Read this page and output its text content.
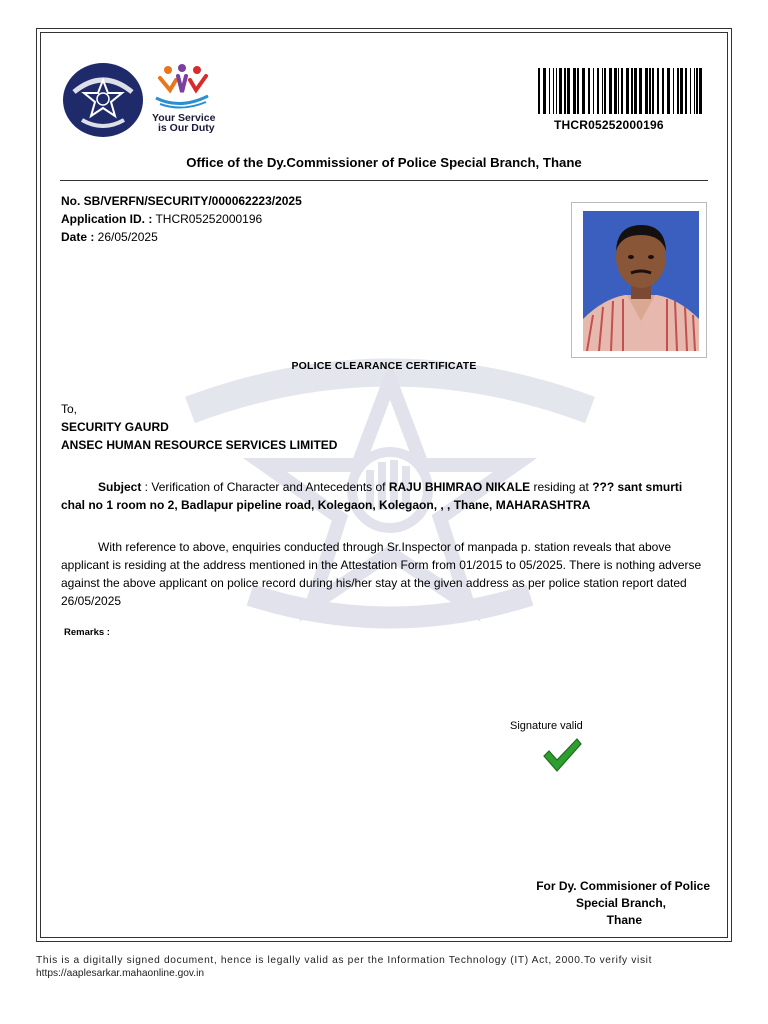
Your Service
is Our Duty	THCR05252000196
Office of the Dy.Commissioner of Police Special Branch, Thane
No. SB/VERFN/SECURITY/000062223/2025
Application ID. : THCR05252000196
Date : 26/05/2025
POLICE CLEARANCE CERTIFICATE
To,
SECURITY GAURD
ANSEC HUMAN RESOURCE SERVICES LIMITED
Subject : Verification of Character and Antecedents of RAJU BHIMRAO NIKALE residing at ??? sant smurti chal no 1 room no 2, Badlapur pipeline road, Kolegaon, Kolegaon, , , Thane, MAHARASHTRA
With reference to above, enquiries conducted through Sr.Inspector of manpada p. station reveals that above applicant is residing at the address mentioned in the Attestation Form from 01/2015 to 05/2025. There is nothing adverse against the above applicant on police record during his/her stay at the given address as per police station report dated 26/05/2025
Remarks :
Signature valid
For Dy. Commisioner of Police
Special Branch,
Thane
This is a digitally signed document, hence is legally valid as per the Information Technology (IT) Act, 2000.To verify visit
https://aaplesarkar.mahaonline.gov.in
